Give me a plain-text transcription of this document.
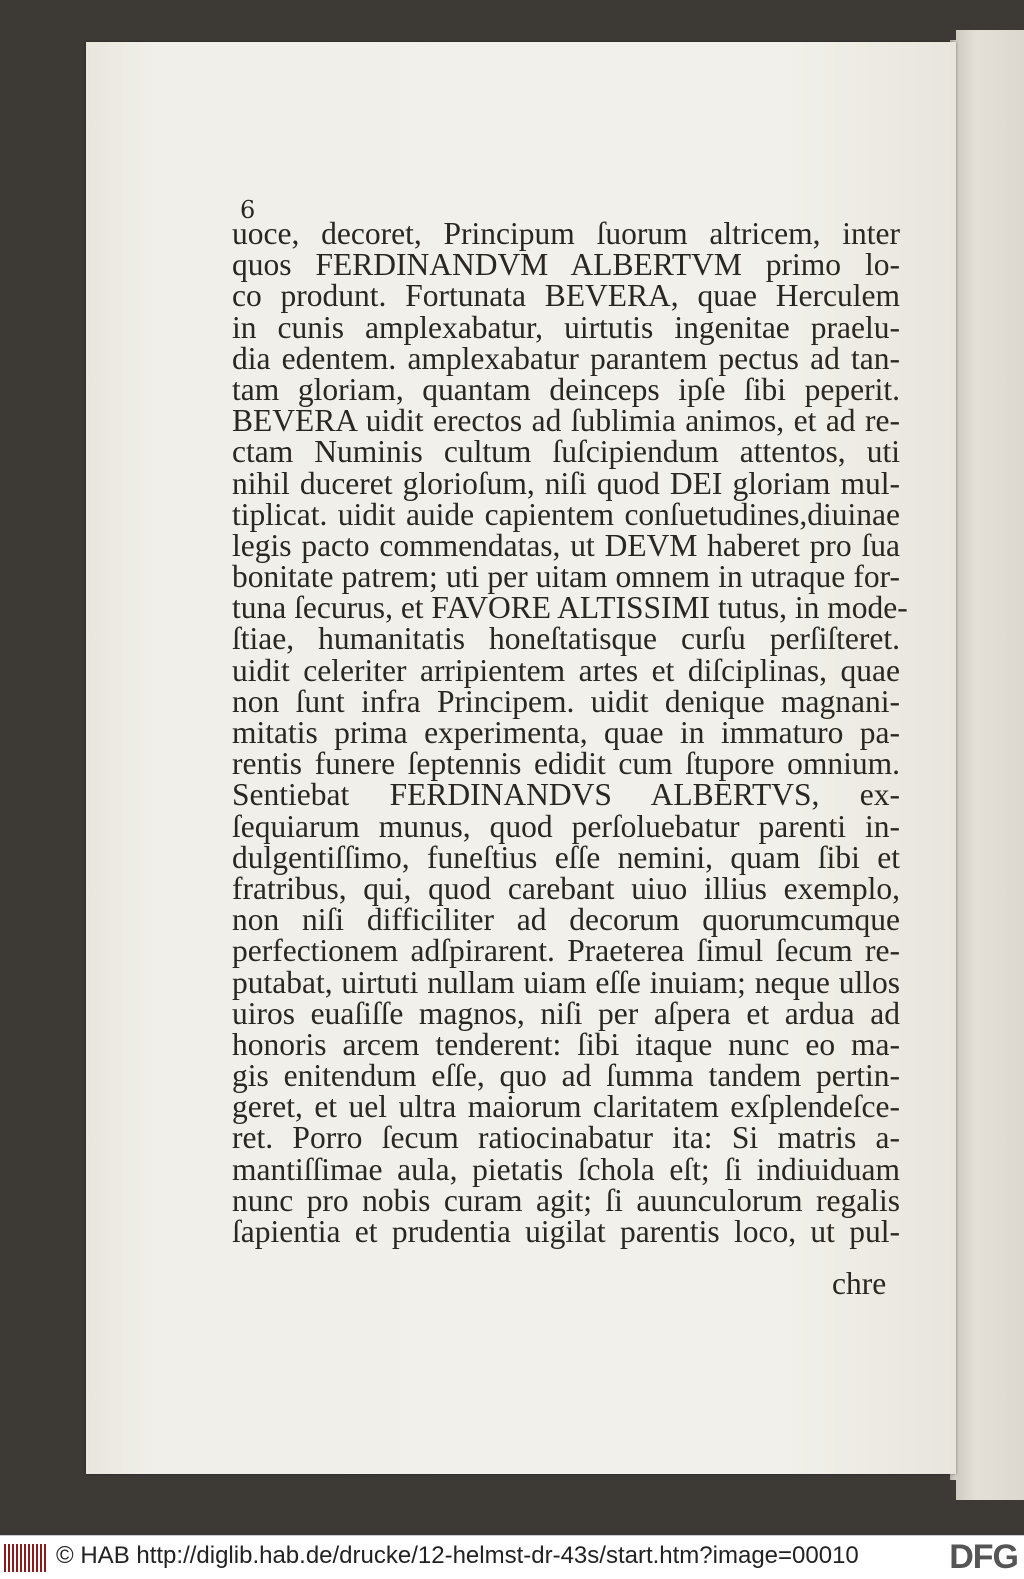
6
uoce, decoret, Principum ſuorum altricem, inter
quos FERDINANDVM ALBERTVM primo lo-
co produnt. Fortunata BEVERA, quae Herculem
in cunis amplexabatur, uirtutis ingenitae praelu-
dia edentem. amplexabatur parantem pectus ad tan-
tam gloriam, quantam deinceps ipſe ſibi peperit.
BEVERA uidit erectos ad ſublimia animos, et ad re-
ctam Numinis cultum ſuſcipiendum attentos, uti
nihil duceret glorioſum, niſi quod DEI gloriam mul-
tiplicat. uidit auide capientem conſuetudines,diuinae
legis pacto commendatas, ut DEVM haberet pro ſua
bonitate patrem; uti per uitam omnem in utraque for-
tuna ſecurus, et FAVORE ALTISSIMI tutus, in mode-
ſtiae, humanitatis honeſtatisque curſu perſiſteret.
uidit celeriter arripientem artes et diſciplinas, quae
non ſunt infra Principem. uidit denique magnani-
mitatis prima experimenta, quae in immaturo pa-
rentis funere ſeptennis edidit cum ſtupore omnium.
Sentiebat FERDINANDVS ALBERTVS, ex-
ſequiarum munus, quod perſoluebatur parenti in-
dulgentiſſimo, funeſtius eſſe nemini, quam ſibi et
fratribus, qui, quod carebant uiuo illius exemplo,
non niſi difficiliter ad decorum quorumcumque
perfectionem adſpirarent. Praeterea ſimul ſecum re-
putabat, uirtuti nullam uiam eſſe inuiam; neque ullos
uiros euaſiſſe magnos, niſi per aſpera et ardua ad
honoris arcem tenderent: ſibi itaque nunc eo ma-
gis enitendum eſſe, quo ad ſumma tandem pertin-
geret, et uel ultra maiorum claritatem exſplendeſce-
ret. Porro ſecum ratiocinabatur ita: Si matris a-
mantiſſimae aula, pietatis ſchola eſt; ſi indiuiduam
nunc pro nobis curam agit; ſi auunculorum regalis
ſapientia et prudentia uigilat parentis loco, ut pul-
chre
© HAB http://diglib.hab.de/drucke/12-helmst-dr-43s/start.htm?image=00010	DFG
